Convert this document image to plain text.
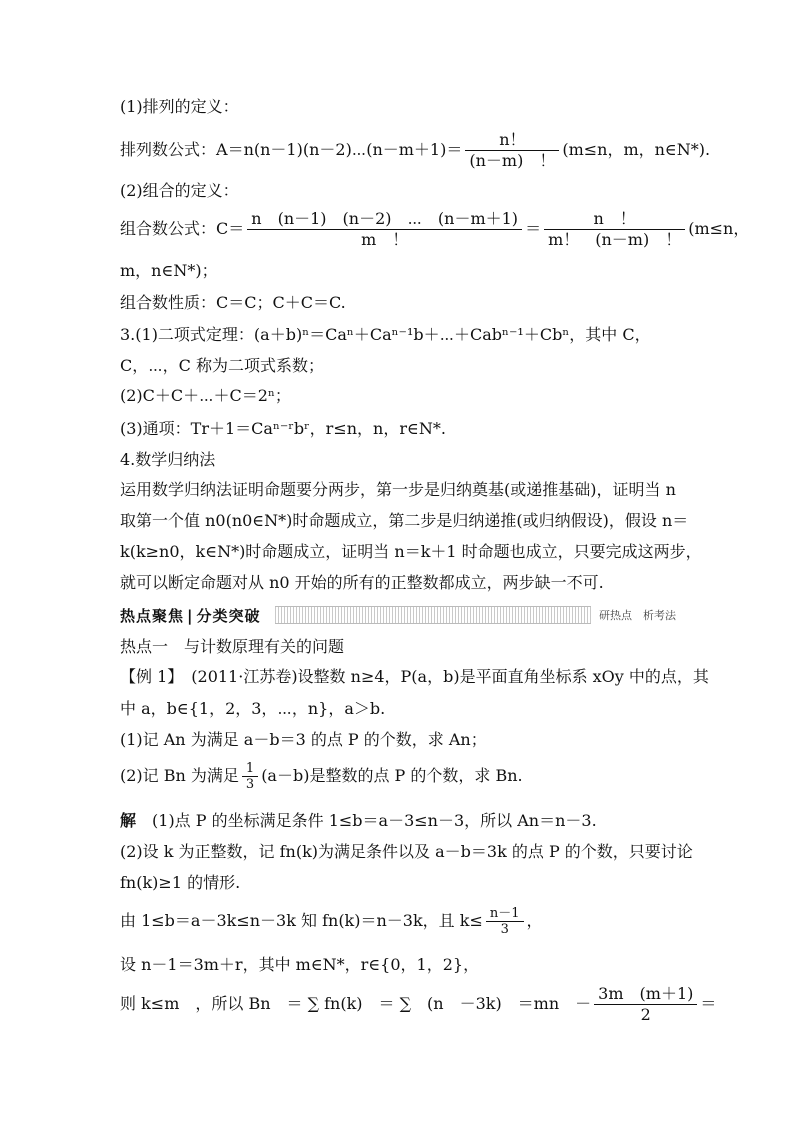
(1)排列的定义：
排列数公式：A＝n(n－1)(n－2)⋯(n－m＋1)＝ $\frac{n!}{(n-m) !} (m\le n$，m，n∈N*).
(2)组合的定义：
组合数公式：$C= \frac{n (n-1) (n-2) \cdots (n-m+1)}{m !} = \frac{n !}{m! (n-m) !} (m\le n$，
m，n∈N*)；
组合数性质：C＝C；C＋C＝C.
3.(1)二项式定理：(a＋b)ⁿ＝Caⁿ＋Caⁿ⁻¹b＋⋯＋Cabⁿ⁻¹＋Cbⁿ，其中 C，
C，⋯，C 称为二项式系数；
(2)C＋C＋⋯＋C＝2ⁿ；
(3)通项：Tr＋1＝Caⁿ⁻ʳbʳ，r≤n，n，r∈N*.
4.数学归纳法
运用数学归纳法证明命题要分两步，第一步是归纳奠基(或递推基础)，证明当 n
取第一个值 n0(n0∈N*)时命题成立，第二步是归纳递推(或归纳假设)，假设 n＝
k(k≥n0，k∈N*)时命题成立，证明当 n＝k＋1 时命题也成立，只要完成这两步，
就可以断定命题对从 n0 开始的所有的正整数都成立，两步缺一不可.
热点聚焦 | 分类突破	研热点　析考法
热点一　与计数原理有关的问题
【例 1】　(2011·江苏卷)设整数 n≥4，P(a，b)是平面直角坐标系 xOy 中的点，其
中 a，b∈{1，2，3，⋯，n}，a＞b.
(1)记 An 为满足 a－b＝3 的点 P 的个数，求 An；
(2)记 Bn 为满足 $\frac{1}{3} (a-b)$是整数的点 P 的个数，求 Bn.
解　(1)点 P 的坐标满足条件 1≤b＝a－3≤n－3，所以 An＝n－3.
(2)设 k 为正整数，记 fn(k)为满足条件以及 a－b＝3k 的点 P 的个数，只要讨论
fn(k)≥1 的情形.
由 1≤b＝a－3k≤n－3k 知 fn(k)＝n－3k，且 $k\le \frac{n-1}{3}$ ，
设 n－1＝3m＋r，其中 m∈N*，r∈{0，1，2}，
则 k≤m　，所以 Bn　＝ ∑ fn(k)　＝ ∑　(n　－3k)　＝mn　－ $\frac{3m (m+1)}{2}$ ＝
